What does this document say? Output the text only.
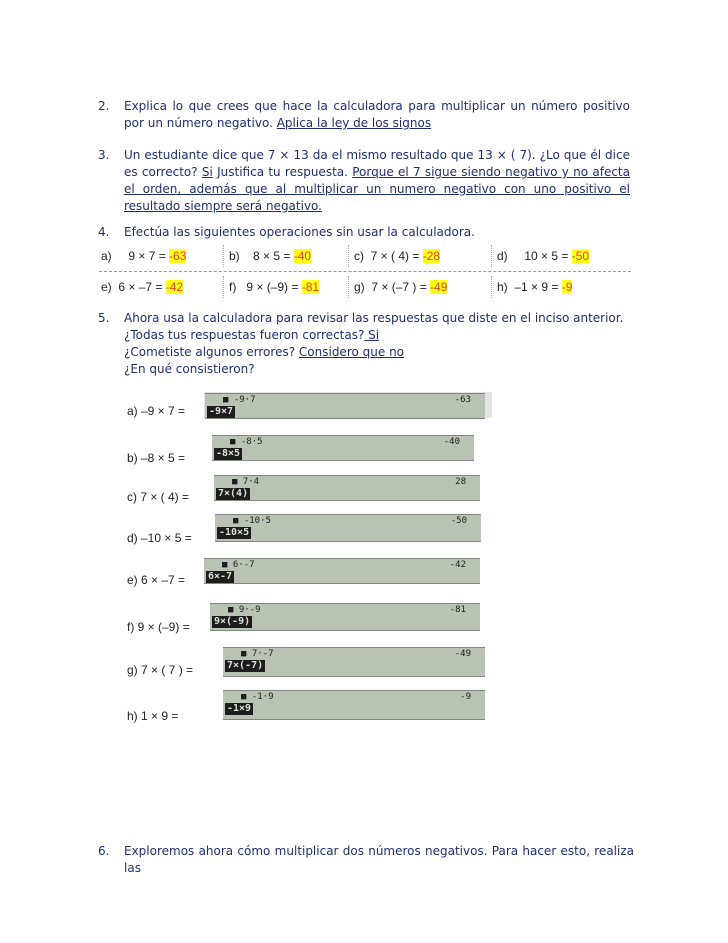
2. Explica lo que crees que hace la calculadora para multiplicar un número positivo por un número negativo. Aplica la ley de los signos
3. Un estudiante dice que 7 × 13 da el mismo resultado que 13 × ( 7). ¿Lo que él dice es correcto? Si Justifica tu respuesta. Porque el 7 sigue siendo negativo y no afecta el orden, además que al multiplicar un numero negativo con uno positivo el resultado siempre será negativo.
4. Efectúa las siguientes operaciones sin usar la calculadora.
a) 9 × 7 = -63	b) 8 × 5 = -40	c) 7 × ( 4) = -28	d) 10 × 5 = -50
e) 6 × –7 = -42	f) 9 × (–9) = -81	g) 7 × (–7 ) = -49	h) –1 × 9 = -9
5. Ahora usa la calculadora para revisar las respuestas que diste en el inciso anterior.
¿Todas tus respuestas fueron correctas? Si
¿Cometiste algunos errores? Considero que no
¿En qué consistieron?
a) –9 × 7 =
■ -9·7	-63
-9×7
b) –8 × 5 =
■ -8·5	-40
-8×5
c) 7 × ( 4) =
■ 7·4	28
7×(4)
d) –10 × 5 =
■ -10·5	-50
-10×5
e) 6 × –7 =
■ 6·-7	-42
6×-7
f) 9 × (–9) =
■ 9·-9	-81
9×(-9)
g) 7 × ( 7 ) =
■ 7·-7	-49
7×(-7)
h) 1 × 9 =
■ -1·9	-9
-1×9
6. Exploremos ahora cómo multiplicar dos números negativos. Para hacer esto, realiza las
